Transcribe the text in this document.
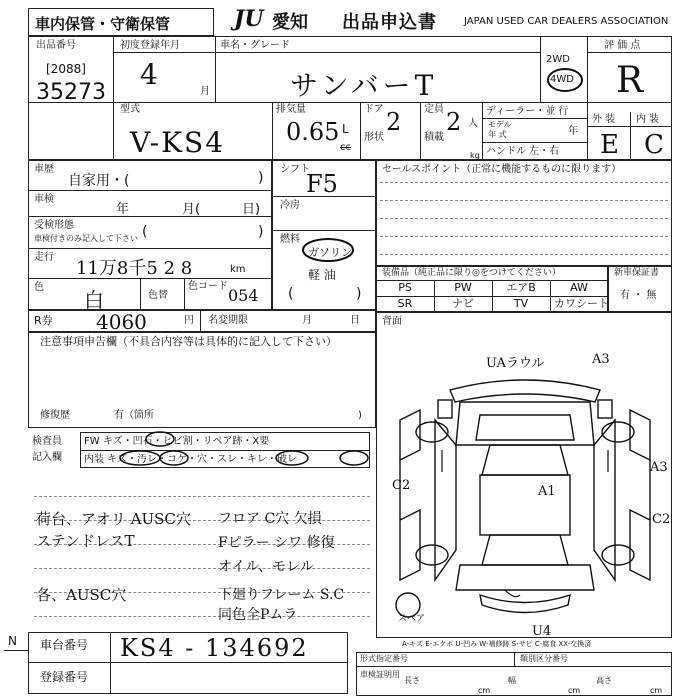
車内保管・守衛保管	JU 愛知 出品申込書	JAPAN USED CAR DEALERS ASSOCIATION
出品番号
[2088]
35273
初度登録年月
4
月
車名・グレード
サンバーT
2WD
4WD
評 価 点
R
型式
V-KS4
排気量
0.65 L
cc
ドア 2
形状
定員 2 人
積載
kg
ディーラー・並 行
モデル
年 式	年
ハンドル 左・右
外 装 内 装
E C
車歴
自家用・(	)
車検
年	月(	日)
受検形態
車検付きのみ記入して下さい (	)
走行
11万8千5 2 8	km
色
白	色替
色コード 054
シフト
F5
冷房
燃料
ガソリン
軽 油
(	)
セールスポイント（正常に機能するものに限ります）
装備品（純正品に限り◎をつけてください）
PS	PW	エアB	AW
SR	ナビ	TV	カワシート
新車保証書
有 ・ 無
R券 4060	円 名変期限	月	日 背面
注意事項申告欄（不具合内容等は具体的に記入して下さい）
修復歴	有（箇所	)
検査員
記入欄
FW キズ・凹石・ヒビ割・リペア跡・X要
内装 キズ・汚レ・コゲ・穴・スレ・キレ・破レ
荷台、アオリ AUSC穴
ステンドレスT
各、AUSC穴
フロア C穴 欠損
Fピラー シワ 修復
オイル、モレル
下廻りフレーム S.C
同色全Pムラ
UAラウル	A3
A3
C2
C2
A1
スペア
U4
A-キズ E-エクボ U-凹み W-補修跡 S-サビ C-腐食 XX-交換済
N 車台番号 KS4 - 134692
登録番号
形式指定番号	類別区分番号
車検証明用
長さ
cm
幅
cm
高さ
cm
